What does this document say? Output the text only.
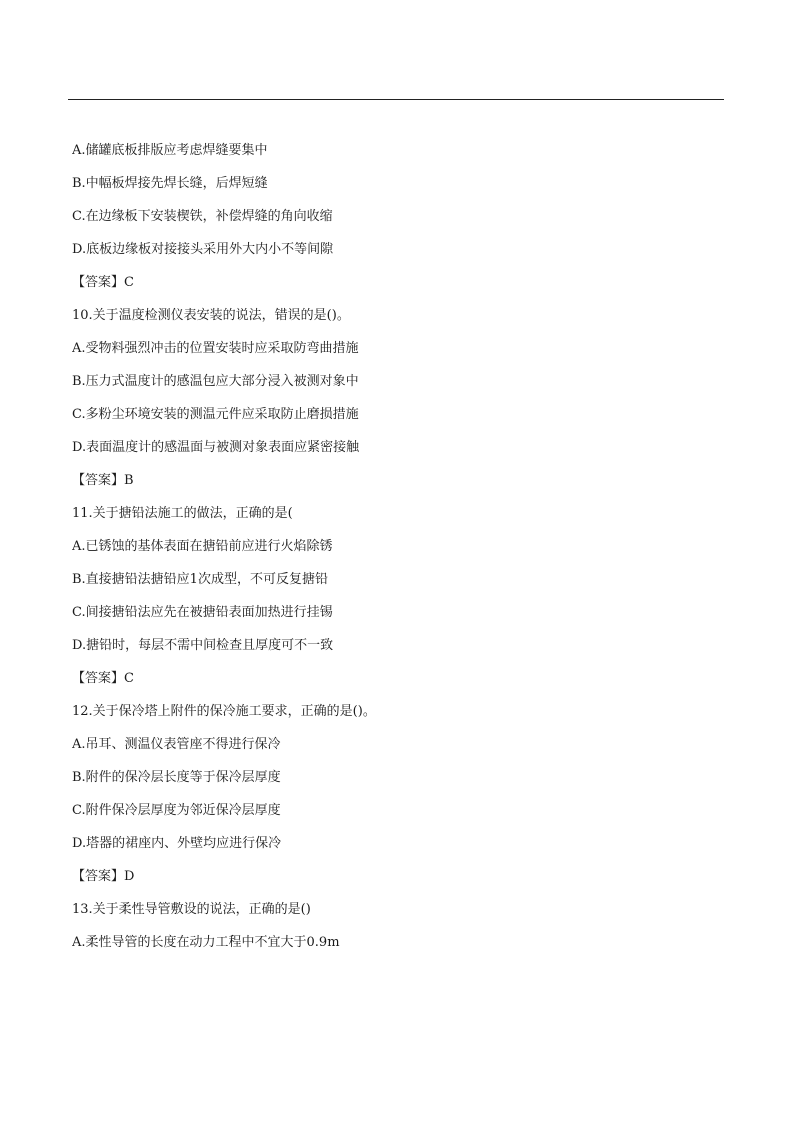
A.储罐底板排版应考虑焊缝要集中
B.中幅板焊接先焊长缝，后焊短缝
C.在边缘板下安装楔铁，补偿焊缝的角向收缩
D.底板边缘板对接接头采用外大内小不等间隙
【答案】C
10.关于温度检测仪表安装的说法，错误的是()。
A.受物料强烈冲击的位置安装时应采取防弯曲措施
B.压力式温度计的感温包应大部分浸入被测对象中
C.多粉尘环境安装的测温元件应采取防止磨损措施
D.表面温度计的感温面与被测对象表面应紧密接触
【答案】B
11.关于搪铅法施工的做法，正确的是(
A.已锈蚀的基体表面在搪铅前应进行火焰除锈
B.直接搪铅法搪铅应1次成型，不可反复搪铅
C.间接搪铅法应先在被搪铅表面加热进行挂锡
D.搪铅时，每层不需中间检查且厚度可不一致
【答案】C
12.关于保冷塔上附件的保冷施工要求，正确的是()。
A.吊耳、测温仪表管座不得进行保冷
B.附件的保冷层长度等于保冷层厚度
C.附件保冷层厚度为邻近保冷层厚度
D.塔器的裙座内、外壁均应进行保冷
【答案】D
13.关于柔性导管敷设的说法，正确的是()
A.柔性导管的长度在动力工程中不宜大于0.9m
